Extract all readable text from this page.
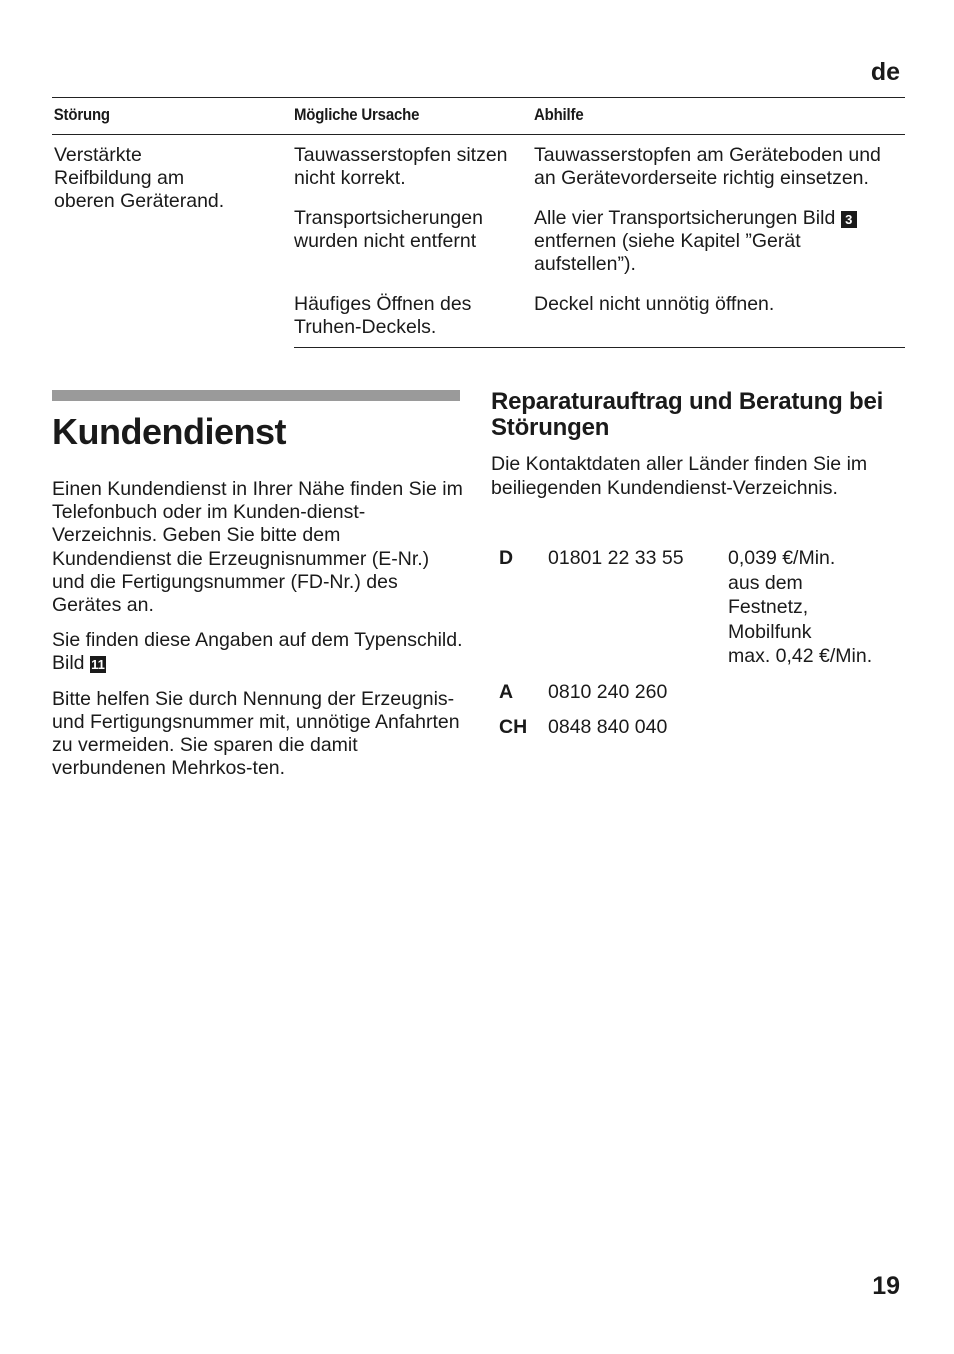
de
Störung	Mögliche Ursache	Abhilfe
Verstärkte
Reifbildung am
oberen Geräterand.	Tauwasserstopfen sitzen nicht korrekt.	Tauwasserstopfen am Geräteboden und an Gerätevorderseite richtig einsetzen.
	Transportsicherungen wurden nicht entfernt	Alle vier Transportsicherungen Bild 3 entfernen (siehe Kapitel ”Gerät aufstellen”).
	Häufiges Öffnen des Truhen-Deckels.	Deckel nicht unnötig öffnen.
Kundendienst

Einen Kundendienst in Ihrer Nähe finden Sie im Telefonbuch oder im Kunden-dienst-Verzeichnis. Geben Sie bitte dem Kundendienst die Erzeugnisnummer (E-Nr.) und die Fertigungsnummer (FD-Nr.) des Gerätes an.

Sie finden diese Angaben auf dem Typenschild. Bild 11

Bitte helfen Sie durch Nennung der Erzeugnis- und Fertigungsnummer mit, unnötige Anfahrten zu vermeiden. Sie sparen die damit verbundenen Mehrkos-ten.

Reparaturauftrag und Beratung bei Störungen

Die Kontaktdaten aller Länder finden Sie im beiliegenden Kundendienst-Verzeichnis.

D 01801 22 33 55 0,039 €/Min.
aus dem
Festnetz,
Mobilfunk
max. 0,42 €/Min.
A 0810 240 260
CH 0848 840 040
19
